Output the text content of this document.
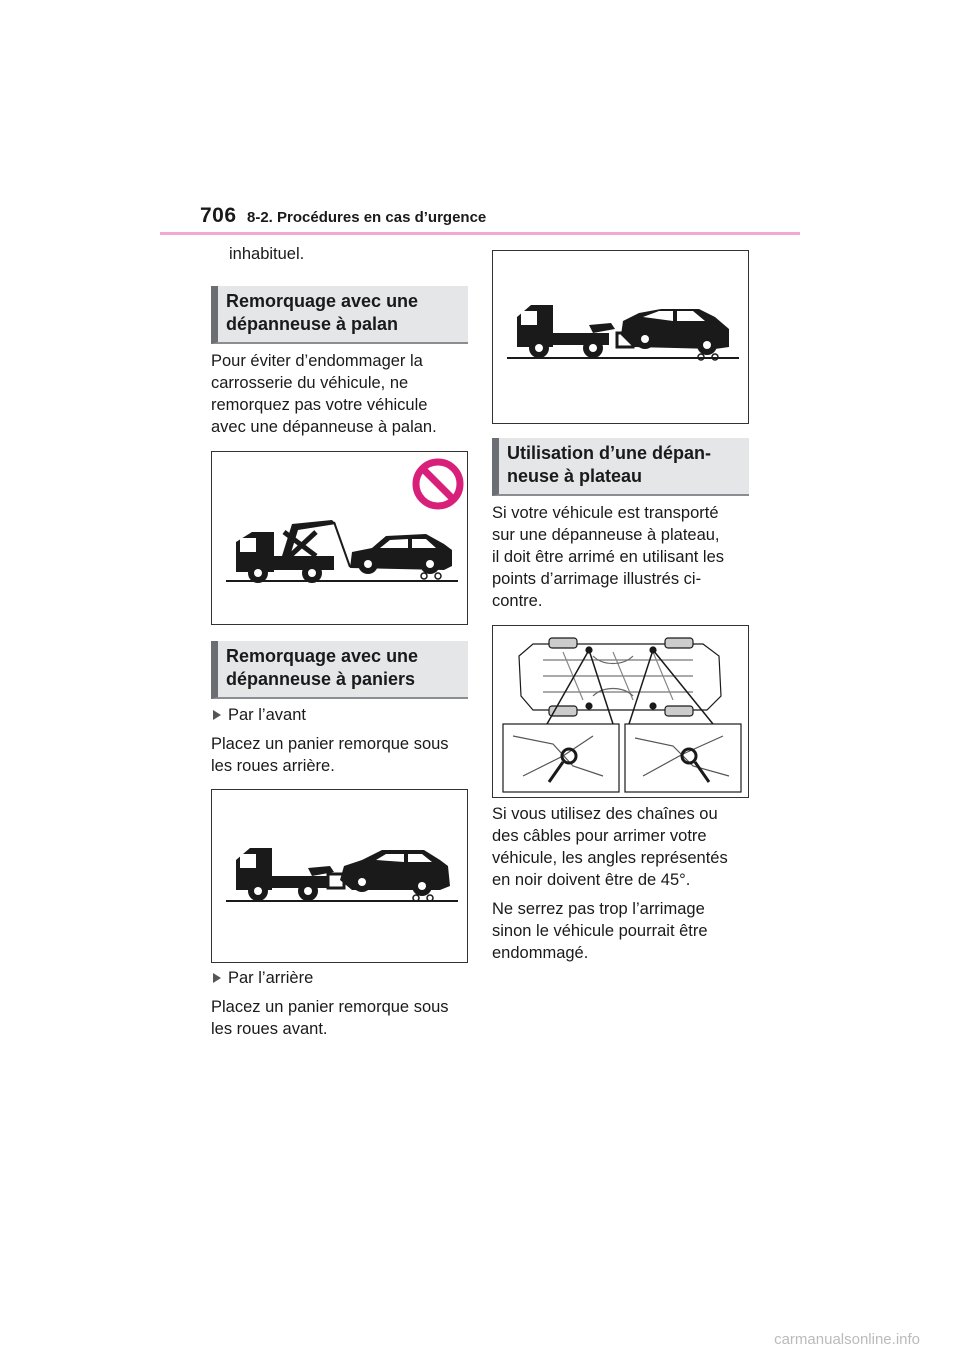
706 8-2. Procédures en cas d’urgence
inhabituel.
Remorquage avec une
dépanneuse à palan
Pour éviter d’endommager la
carrosserie du véhicule, ne
remorquez pas votre véhicule
avec une dépanneuse à palan.
Remorquage avec une
dépanneuse à paniers
Par l’avant
Placez un panier remorque sous
les roues arrière.
Par l’arrière
Placez un panier remorque sous
les roues avant.
Utilisation d’une dépan-
neuse à plateau
Si votre véhicule est transporté
sur une dépanneuse à plateau,
il doit être arrimé en utilisant les
points d’arrimage illustrés ci-
contre.
Si vous utilisez des chaînes ou
des câbles pour arrimer votre
véhicule, les angles représentés
en noir doivent être de 45°.
Ne serrez pas trop l’arrimage
sinon le véhicule pourrait être
endommagé.
carmanualsonline.info
